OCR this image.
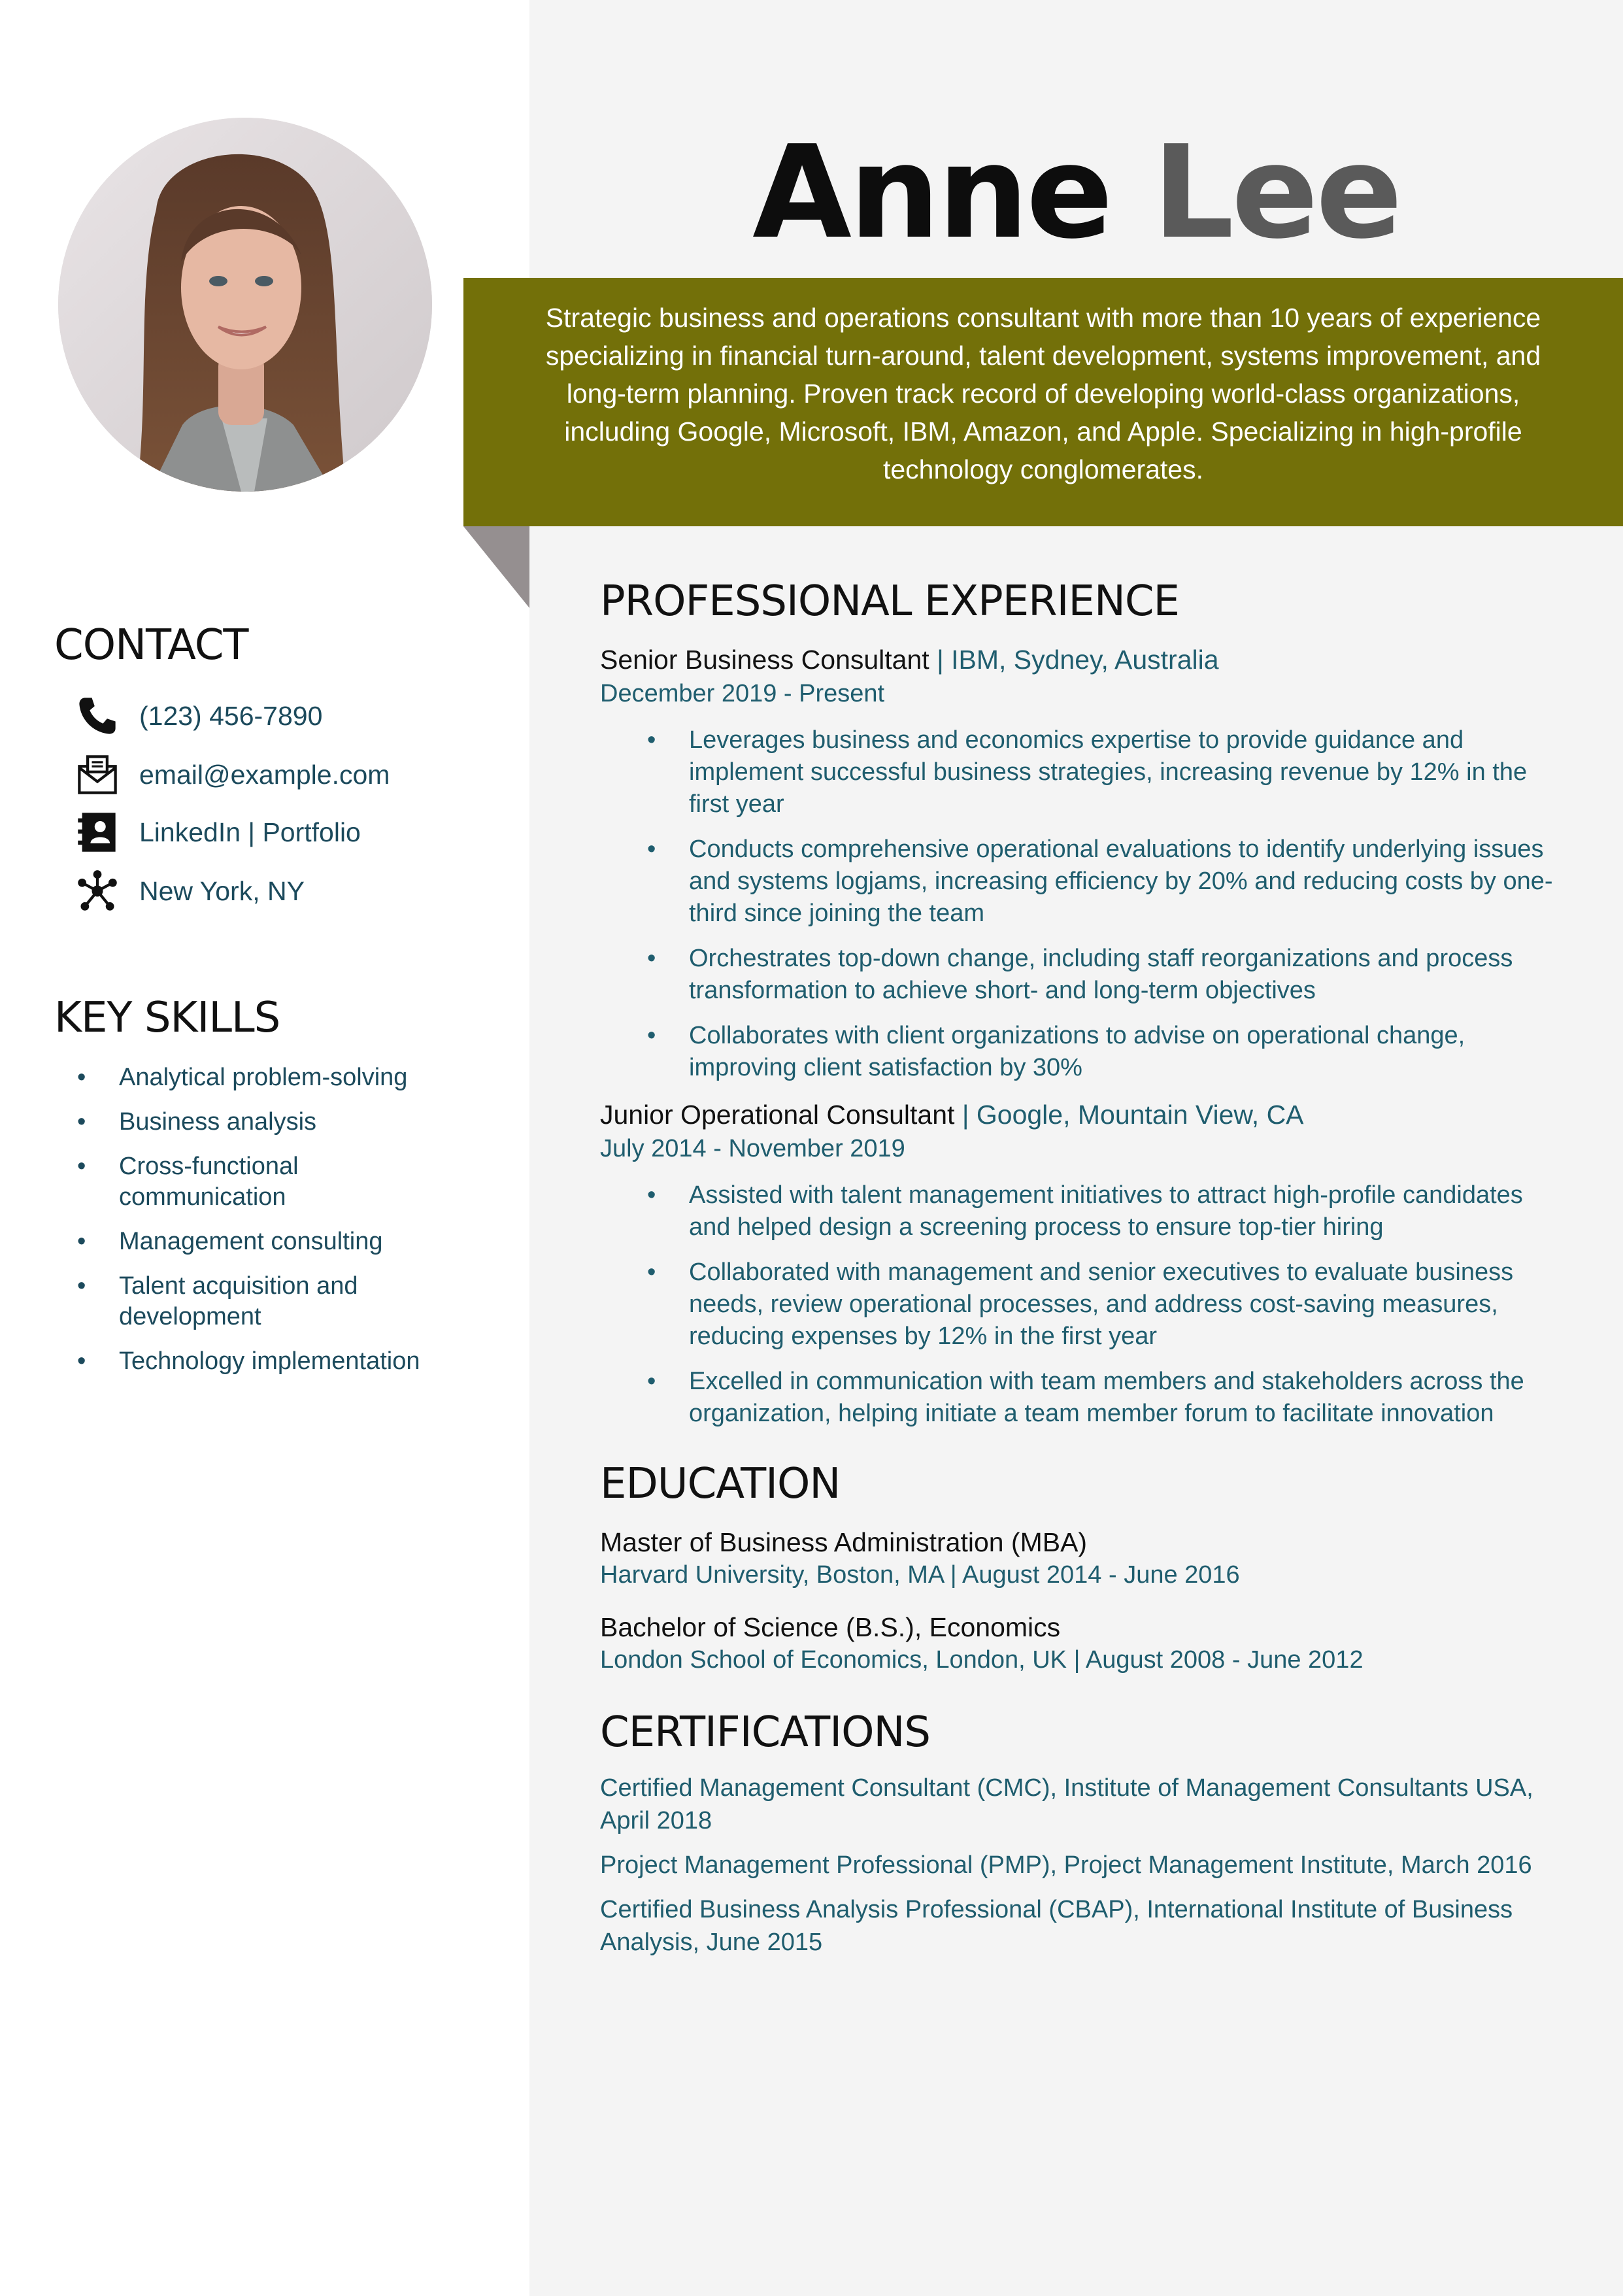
Anne Lee
Strategic business and operations consultant with more than 10 years of experience specializing in financial turn-around, talent development, systems improvement, and long-term planning. Proven track record of developing world-class organizations, including Google, Microsoft, IBM, Amazon, and Apple. Specializing in high-profile technology conglomerates.
CONTACT
(123) 456-7890
email@example.com
LinkedIn | Portfolio
New York, NY
KEY SKILLS
• Analytical problem-solving
• Business analysis
• Cross-functional communication
• Management consulting
• Talent acquisition and development
• Technology implementation
PROFESSIONAL EXPERIENCE
Senior Business Consultant | IBM, Sydney, Australia
December 2019 - Present
• Leverages business and economics expertise to provide guidance and implement successful business strategies, increasing revenue by 12% in the first year
• Conducts comprehensive operational evaluations to identify underlying issues and systems logjams, increasing efficiency by 20% and reducing costs by one-third since joining the team
• Orchestrates top-down change, including staff reorganizations and process transformation to achieve short- and long-term objectives
• Collaborates with client organizations to advise on operational change, improving client satisfaction by 30%
Junior Operational Consultant | Google, Mountain View, CA
July 2014 - November 2019
• Assisted with talent management initiatives to attract high-profile candidates and helped design a screening process to ensure top-tier hiring
• Collaborated with management and senior executives to evaluate business needs, review operational processes, and address cost-saving measures, reducing expenses by 12% in the first year
• Excelled in communication with team members and stakeholders across the organization, helping initiate a team member forum to facilitate innovation
EDUCATION
Master of Business Administration (MBA)
Harvard University, Boston, MA | August 2014 - June 2016
Bachelor of Science (B.S.), Economics
London School of Economics, London, UK | August 2008 - June 2012
CERTIFICATIONS
Certified Management Consultant (CMC), Institute of Management Consultants USA, April 2018
Project Management Professional (PMP), Project Management Institute, March 2016
Certified Business Analysis Professional (CBAP), International Institute of Business Analysis, June 2015
